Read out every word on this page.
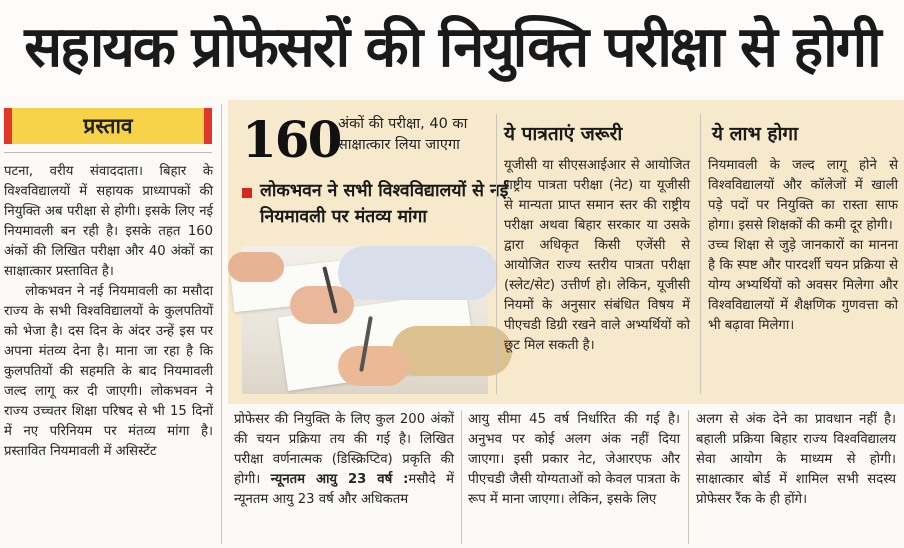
सहायक प्रोफेसरों की नियुक्ति परीक्षा से होगी
प्रस्ताव
पटना, वरीय संवाददाता। बिहार के विश्वविद्यालयों में सहायक प्राध्यापकों की नियुक्ति अब परीक्षा से होगी। इसके लिए नई नियमावली बन रही है। इसके तहत 160 अंकों की लिखित परीक्षा और 40 अंकों का साक्षात्कार प्रस्तावित है।
लोकभवन ने नई नियमावली का मसौदा राज्य के सभी विश्वविद्यालयों के कुलपतियों को भेजा है। दस दिन के अंदर उन्हें इस पर अपना मंतव्य देना है। माना जा रहा है कि कुलपतियों की सहमति के बाद नियमावली जल्द लागू कर दी जाएगी। लोकभवन ने राज्य उच्चतर शिक्षा परिषद से भी 15 दिनों में नए परिनियम पर मंतव्य मांगा है। प्रस्तावित नियमावली में असिस्टेंट
160
अंकों की परीक्षा, 40 का साक्षात्कार लिया जाएगा
लोकभवन ने सभी विश्वविद्यालयों से नई नियमावली पर मंतव्य मांगा
ये पात्रताएं जरूरी
यूजीसी या सीएसआईआर से आयोजित राष्ट्रीय पात्रता परीक्षा (नेट) या यूजीसी से मान्यता प्राप्त समान स्तर की राष्ट्रीय परीक्षा अथवा बिहार सरकार या उसके द्वारा अधिकृत किसी एजेंसी से आयोजित राज्य स्तरीय पात्रता परीक्षा (स्लेट/सेट) उत्तीर्ण हो। लेकिन, यूजीसी नियमों के अनुसार संबंधित विषय में पीएचडी डिग्री रखने वाले अभ्यर्थियों को छूट मिल सकती है।
ये लाभ होगा
नियमावली के जल्द लागू होने से विश्वविद्यालयों और कॉलेजों में खाली पड़े पदों पर नियुक्ति का रास्ता साफ होगा। इससे शिक्षकों की कमी दूर होगी।
उच्च शिक्षा से जुड़े जानकारों का मानना है कि स्पष्ट और पारदर्शी चयन प्रक्रिया से योग्य अभ्यर्थियों को अवसर मिलेगा और विश्वविद्यालयों में शैक्षणिक गुणवत्ता को भी बढ़ावा मिलेगा।
प्रोफेसर की नियुक्ति के लिए कुल 200 अंकों की चयन प्रक्रिया तय की गई है। लिखित परीक्षा वर्णनात्मक (डिस्क्रिप्टिव) प्रकृति की होगी। न्यूनतम आयु 23 वर्ष :मसौदे में न्यूनतम आयु 23 वर्ष और अधिकतम
आयु सीमा 45 वर्ष निर्धारित की गई है। अनुभव पर कोई अलग अंक नहीं दिया जाएगा। इसी प्रकार नेट, जेआरएफ और पीएचडी जैसी योग्यताओं को केवल पात्रता के रूप में माना जाएगा। लेकिन, इसके लिए
अलग से अंक देने का प्रावधान नहीं है। बहाली प्रक्रिया बिहार राज्य विश्वविद्यालय सेवा आयोग के माध्यम से होगी। साक्षात्कार बोर्ड में शामिल सभी सदस्य प्रोफेसर रैंक के ही होंगे।
